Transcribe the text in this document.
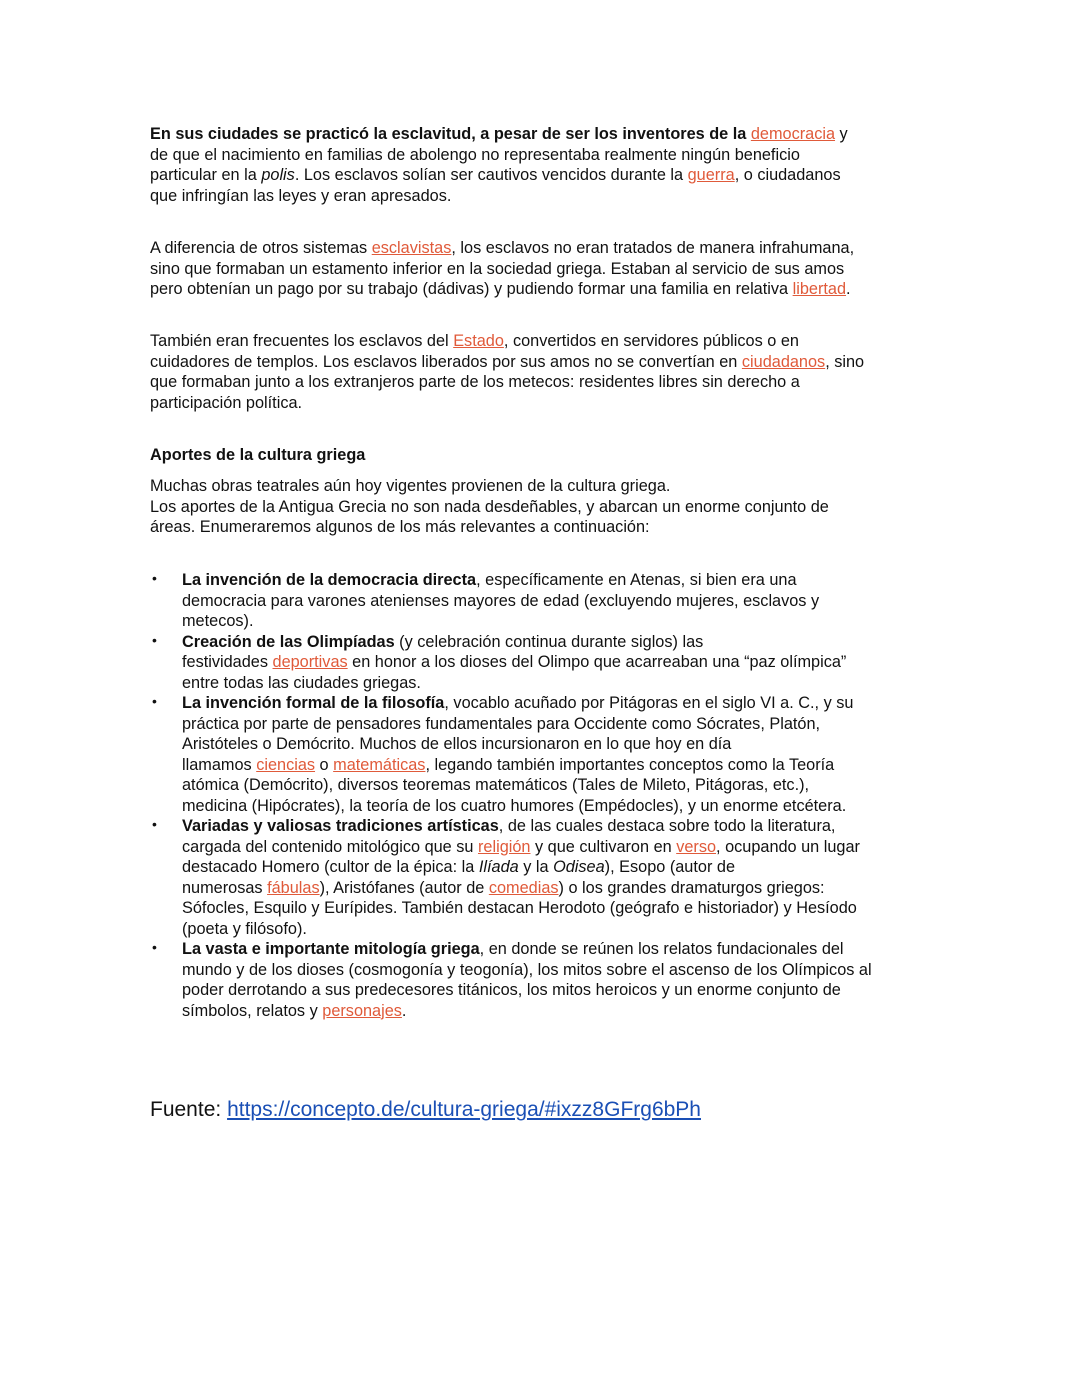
En sus ciudades se practicó la esclavitud, a pesar de ser los inventores de la democracia y
de que el nacimiento en familias de abolengo no representaba realmente ningún beneficio
particular en la polis. Los esclavos solían ser cautivos vencidos durante la guerra, o ciudadanos
que infringían las leyes y eran apresados.
A diferencia de otros sistemas esclavistas, los esclavos no eran tratados de manera infrahumana,
sino que formaban un estamento inferior en la sociedad griega. Estaban al servicio de sus amos
pero obtenían un pago por su trabajo (dádivas) y pudiendo formar una familia en relativa libertad.
También eran frecuentes los esclavos del Estado, convertidos en servidores públicos o en
cuidadores de templos. Los esclavos liberados por sus amos no se convertían en ciudadanos, sino
que formaban junto a los extranjeros parte de los metecos: residentes libres sin derecho a
participación política.
Aportes de la cultura griega
Muchas obras teatrales aún hoy vigentes provienen de la cultura griega.
Los aportes de la Antigua Grecia no son nada desdeñables, y abarcan un enorme conjunto de
áreas. Enumeraremos algunos de los más relevantes a continuación:
• La invención de la democracia directa, específicamente en Atenas, si bien era una
democracia para varones atenienses mayores de edad (excluyendo mujeres, esclavos y
metecos).
• Creación de las Olimpíadas (y celebración continua durante siglos) las
festividades deportivas en honor a los dioses del Olimpo que acarreaban una “paz olímpica”
entre todas las ciudades griegas.
• La invención formal de la filosofía, vocablo acuñado por Pitágoras en el siglo VI a. C., y su
práctica por parte de pensadores fundamentales para Occidente como Sócrates, Platón,
Aristóteles o Demócrito. Muchos de ellos incursionaron en lo que hoy en día
llamamos ciencias o matemáticas, legando también importantes conceptos como la Teoría
atómica (Demócrito), diversos teoremas matemáticos (Tales de Mileto, Pitágoras, etc.),
medicina (Hipócrates), la teoría de los cuatro humores (Empédocles), y un enorme etcétera.
• Variadas y valiosas tradiciones artísticas, de las cuales destaca sobre todo la literatura,
cargada del contenido mitológico que su religión y que cultivaron en verso, ocupando un lugar
destacado Homero (cultor de la épica: la Ilíada y la Odisea), Esopo (autor de
numerosas fábulas), Aristófanes (autor de comedias) o los grandes dramaturgos griegos:
Sófocles, Esquilo y Eurípides. También destacan Herodoto (geógrafo e historiador) y Hesíodo
(poeta y filósofo).
• La vasta e importante mitología griega, en donde se reúnen los relatos fundacionales del
mundo y de los dioses (cosmogonía y teogonía), los mitos sobre el ascenso de los Olímpicos al
poder derrotando a sus predecesores titánicos, los mitos heroicos y un enorme conjunto de
símbolos, relatos y personajes.
Fuente: https://concepto.de/cultura-griega/#ixzz8GFrg6bPh
